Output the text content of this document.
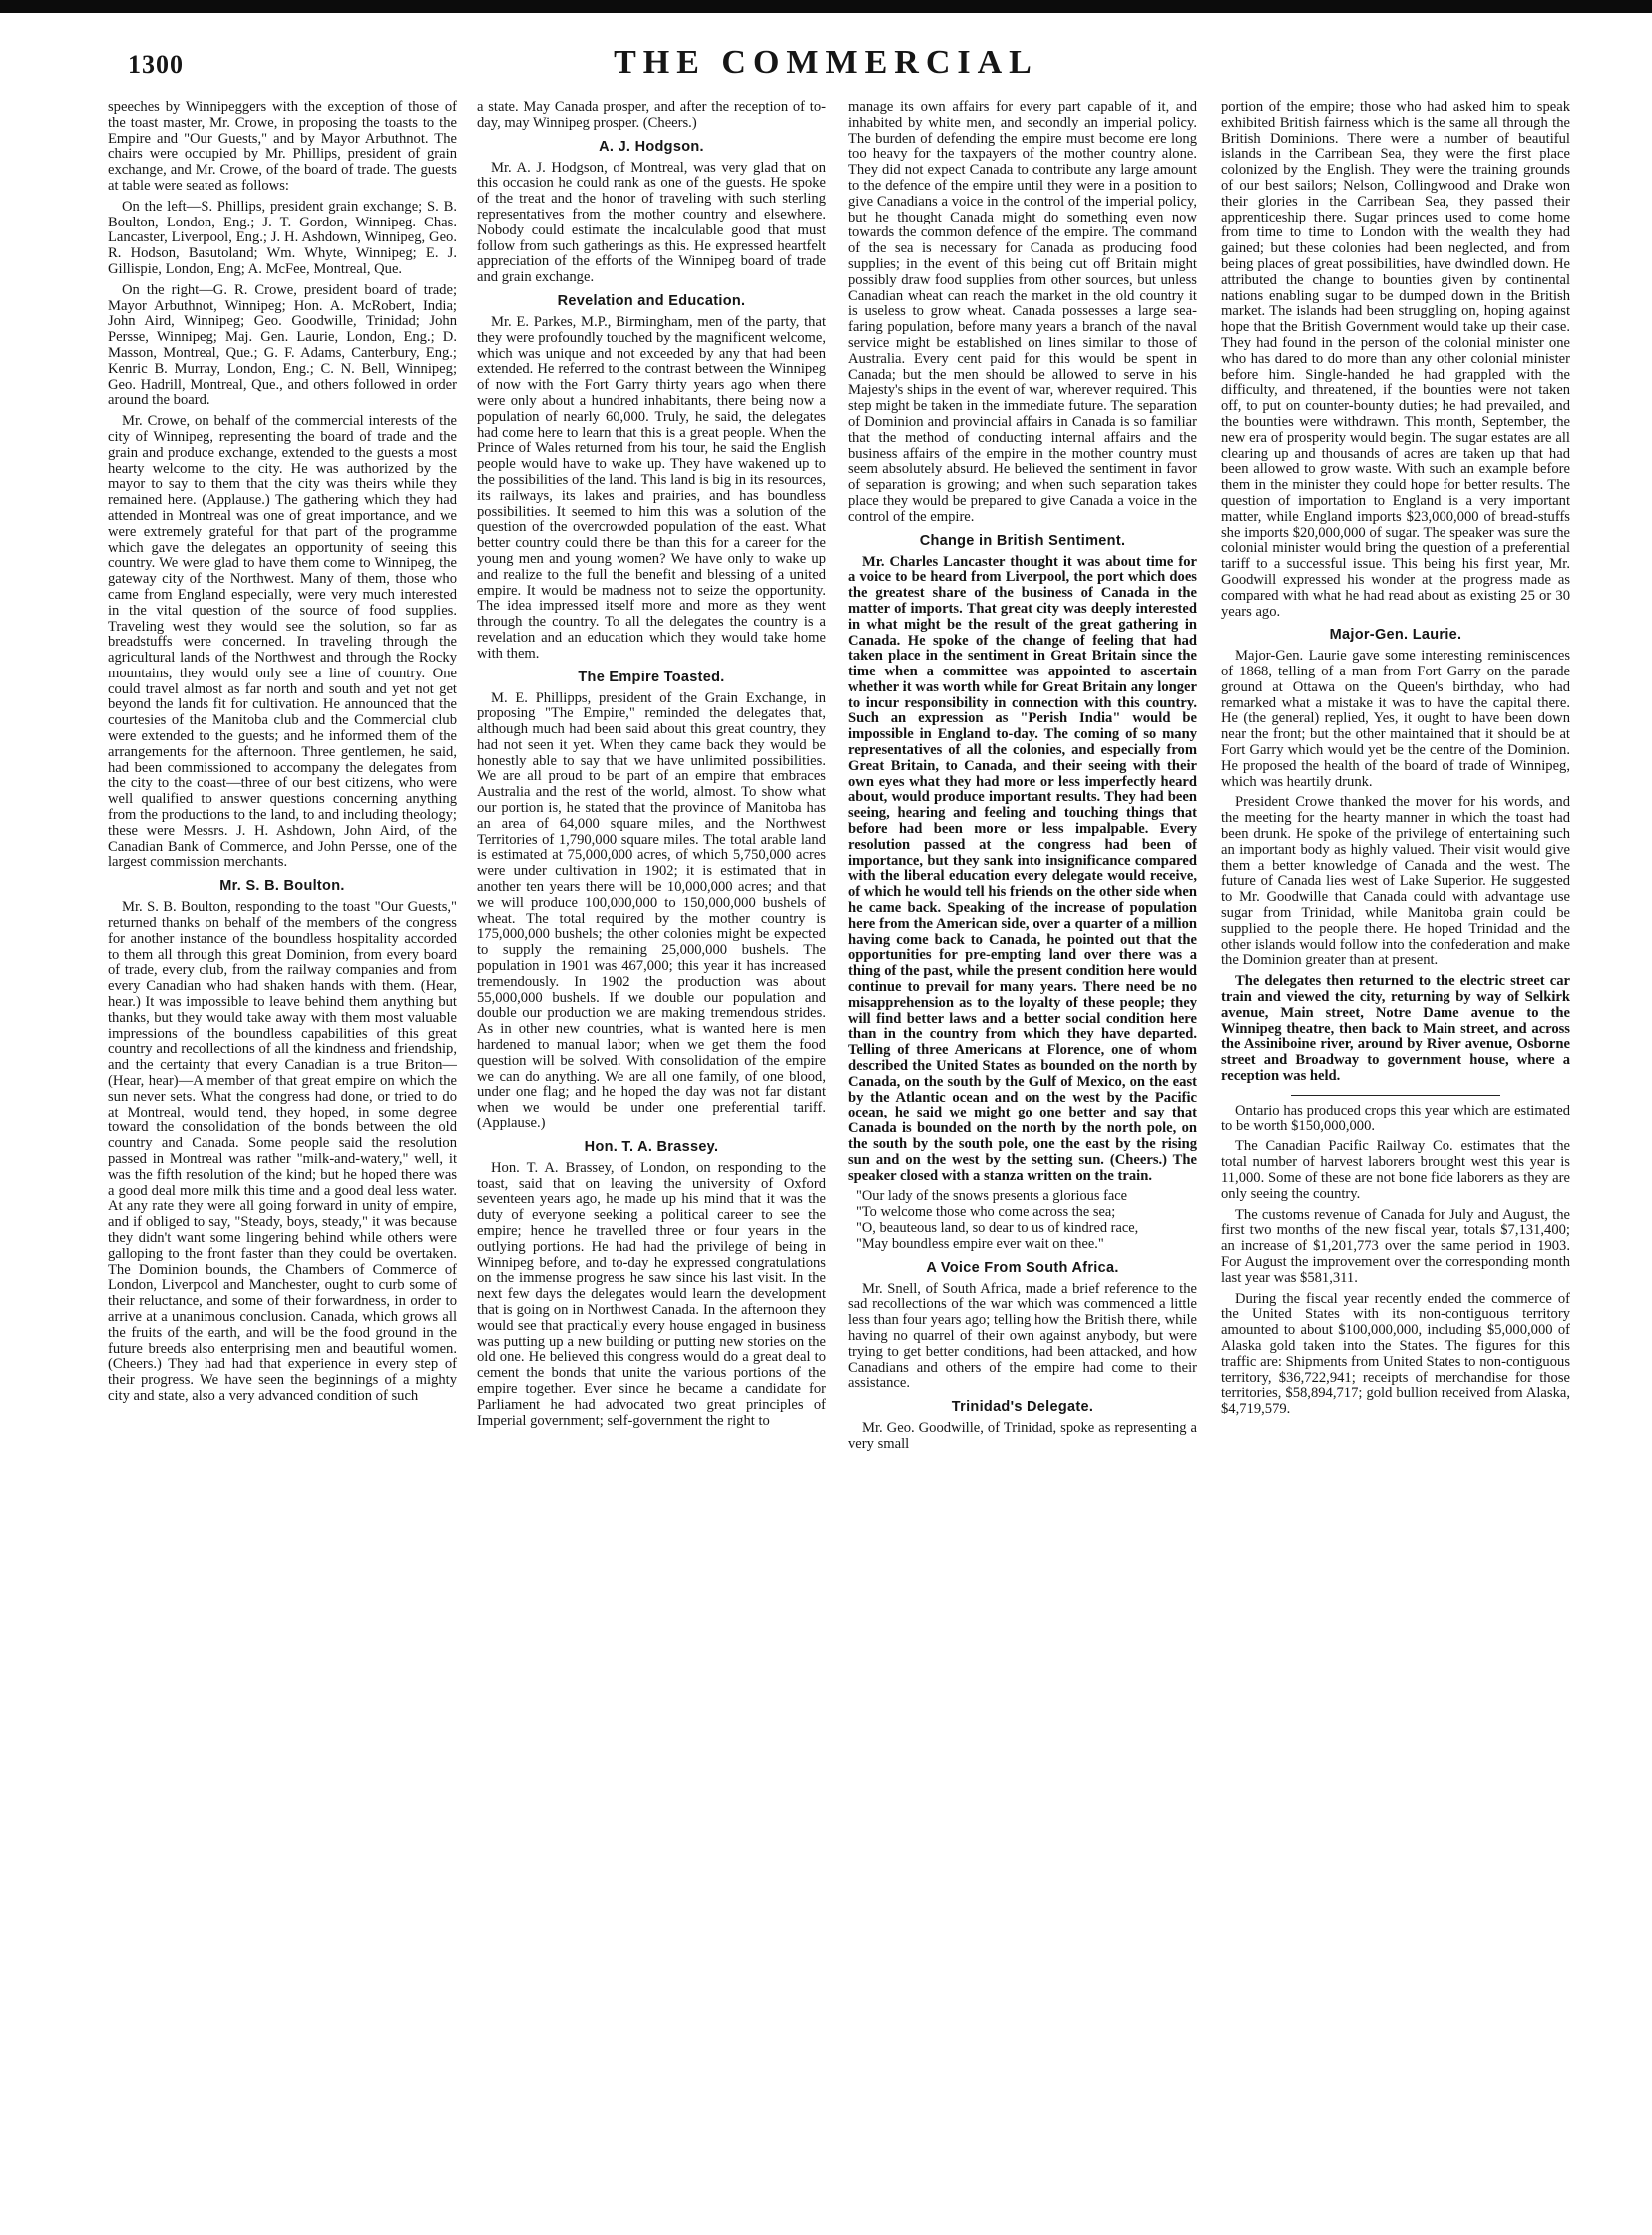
THE COMMERCIAL
1300

speeches by Winnipeggers with the exception of those of the toast master, Mr. Crowe, in proposing the toasts to the Empire and "Our Guests," and by Mayor Arbuthnot. The chairs were occupied by Mr. Phillips, president of grain exchange, and Mr. Crowe, of the board of trade. The guests at table were seated as follows:

On the left—S. Phillips, president grain exchange; S. B. Boulton, London, Eng.; J. T. Gordon, Winnipeg. Chas. Lancaster, Liverpool, Eng.; J. H. Ashdown, Winnipeg, Geo. R. Hodson, Basutoland; Wm. Whyte, Winnipeg; E. J. Gillispie, London, Eng; A. McFee, Montreal, Que.

On the right—G. R. Crowe, president board of trade; Mayor Arbuthnot, Winnipeg; Hon. A. McRobert, India; John Aird, Winnipeg; Geo. Goodwille, Trinidad; John Persse, Winnipeg; Maj. Gen. Laurie, London, Eng.; D. Masson, Montreal, Que.; G. F. Adams, Canterbury, Eng.; Kenric B. Murray, London, Eng.; C. N. Bell, Winnipeg; Geo. Hadrill, Montreal, Que., and others followed in order around the board.

Mr. Crowe, on behalf of the commercial interests of the city of Winnipeg, representing the board of trade and the grain and produce exchange, extended to the guests a most hearty welcome to the city. He was authorized by the mayor to say to them that the city was theirs while they remained here. (Applause.) The gathering which they had attended in Montreal was one of great importance, and we were extremely grateful for that part of the programme which gave the delegates an opportunity of seeing this country. We were glad to have them come to Winnipeg, the gateway city of the Northwest. Many of them, those who came from England especially, were very much interested in the vital question of the source of food supplies. Traveling west they would see the solution, so far as breadstuffs were concerned. In traveling through the agricultural lands of the Northwest and through the Rocky mountains, they would only see a line of country. One could travel almost as far north and south and yet not get beyond the lands fit for cultivation. He announced that the courtesies of the Manitoba club and the Commercial club were extended to the guests; and he informed them of the arrangements for the afternoon. Three gentlemen, he said, had been commissioned to accompany the delegates from the city to the coast—three of our best citizens, who were well qualified to answer questions concerning anything from the productions to the land, to and including theology; these were Messrs. J. H. Ashdown, John Aird, of the Canadian Bank of Commerce, and John Persse, one of the largest commission merchants.

Mr. S. B. Boulton.

Mr. S. B. Boulton, responding to the toast "Our Guests," returned thanks on behalf of the members of the congress for another instance of the boundless hospitality accorded to them all through this great Dominion, from every board of trade, every club, from the railway companies and from every Canadian who had shaken hands with them. (Hear, hear.) It was impossible to leave behind them anything but thanks, but they would take away with them most valuable impressions of the boundless capabilities of this great country and recollections of all the kindness and friendship, and the certainty that every Canadian is a true Briton—(Hear, hear)—A member of that great empire on which the sun never sets. What the congress had done, or tried to do at Montreal, would tend, they hoped, in some degree toward the consolidation of the bonds between the old country and Canada. Some people said the resolution passed in Montreal was rather "milk-and-watery," well, it was the fifth resolution of the kind; but he hoped there was a good deal more milk this time and a good deal less water. At any rate they were all going forward in unity of empire, and if obliged to say, "Steady, boys, steady," it was because they didn't want some lingering behind while others were galloping to the front faster than they could be overtaken. The Dominion bounds, the Chambers of Commerce of London, Liverpool and Manchester, ought to curb some of their reluctance, and some of their forwardness, in order to arrive at a unanimous conclusion. Canada, which grows all the fruits of the earth, and will be the food ground in the future breeds also enterprising men and beautiful women. (Cheers.) They had had that experience in every step of their progress. We have seen the beginnings of a mighty city and state, also a very advanced condition of such

a state. May Canada prosper, and after the reception of to-day, may Winnipeg prosper. (Cheers.)

A. J. Hodgson.

Mr. A. J. Hodgson, of Montreal, was very glad that on this occasion he could rank as one of the guests. He spoke of the treat and the honor of traveling with such sterling representatives from the mother country and elsewhere. Nobody could estimate the incalculable good that must follow from such gatherings as this. He expressed heartfelt appreciation of the efforts of the Winnipeg board of trade and grain exchange.

Revelation and Education.

Mr. E. Parkes, M.P., Birmingham, men of the party, that they were profoundly touched by the magnificent welcome, which was unique and not exceeded by any that had been extended. He referred to the contrast between the Winnipeg of now with the Fort Garry thirty years ago when there were only about a hundred inhabitants, there being now a population of nearly 60,000. Truly, he said, the delegates had come here to learn that this is a great people. When the Prince of Wales returned from his tour, he said the English people would have to wake up. They have wakened up to the possibilities of the land. This land is big in its resources, its railways, its lakes and prairies, and has boundless possibilities. It seemed to him this was a solution of the question of the overcrowded population of the east. What better country could there be than this for a career for the young men and young women? We have only to wake up and realize to the full the benefit and blessing of a united empire. It would be madness not to seize the opportunity. The idea impressed itself more and more as they went through the country. To all the delegates the country is a revelation and an education which they would take home with them.

The Empire Toasted.

M. E. Phillipps, president of the Grain Exchange, in proposing "The Empire," reminded the delegates that, although much had been said about this great country, they had not seen it yet. When they came back they would be honestly able to say that we have unlimited possibilities. We are all proud to be part of an empire that embraces Australia and the rest of the world, almost. To show what our portion is, he stated that the province of Manitoba has an area of 64,000 square miles, and the Northwest Territories of 1,790,000 square miles. The total arable land is estimated at 75,000,000 acres, of which 5,750,000 acres were under cultivation in 1902; it is estimated that in another ten years there will be 10,000,000 acres; and that we will produce 100,000,000 to 150,000,000 bushels of wheat. The total required by the mother country is 175,000,000 bushels; the other colonies might be expected to supply the remaining 25,000,000 bushels. The population in 1901 was 467,000; this year it has increased tremendously. In 1902 the production was about 55,000,000 bushels. If we double our population and double our production we are making tremendous strides. As in other new countries, what is wanted here is men hardened to manual labor; when we get them the food question will be solved. With consolidation of the empire we can do anything. We are all one family, of one blood, under one flag; and he hoped the day was not far distant when we would be under one preferential tariff. (Applause.)

Hon. T. A. Brassey.

Hon. T. A. Brassey, of London, on responding to the toast, said that on leaving the university of Oxford seventeen years ago, he made up his mind that it was the duty of everyone seeking a political career to see the empire; hence he travelled three or four years in the outlying portions. He had had the privilege of being in Winnipeg before, and to-day he expressed congratulations on the immense progress he saw since his last visit. In the next few days the delegates would learn the development that is going on in Northwest Canada. In the afternoon they would see that practically every house engaged in business was putting up a new building or putting new stories on the old one. He believed this congress would do a great deal to cement the bonds that unite the various portions of the empire together. Ever since he became a candidate for Parliament he had advocated two great principles of Imperial government; self-government the right to

manage its own affairs for every part capable of it, and inhabited by white men, and secondly an imperial policy. The burden of defending the empire must become ere long too heavy for the taxpayers of the mother country alone. They did not expect Canada to contribute any large amount to the defence of the empire until they were in a position to give Canadians a voice in the control of the imperial policy, but he thought Canada might do something even now towards the common defence of the empire. The command of the sea is necessary for Canada as producing food supplies; in the event of this being cut off Britain might possibly draw food supplies from other sources, but unless Canadian wheat can reach the market in the old country it is useless to grow wheat. Canada possesses a large sea-faring population, before many years a branch of the naval service might be established on lines similar to those of Australia. Every cent paid for this would be spent in Canada; but the men should be allowed to serve in his Majesty's ships in the event of war, wherever required. This step might be taken in the immediate future. The separation of Dominion and provincial affairs in Canada is so familiar that the method of conducting internal affairs and the business affairs of the empire in the mother country must seem absolutely absurd. He believed the sentiment in favor of separation is growing; and when such separation takes place they would be prepared to give Canada a voice in the control of the empire.

Change in British Sentiment.

Mr. Charles Lancaster thought it was about time for a voice to be heard from Liverpool, the port which does the greatest share of the business of Canada in the matter of imports. That great city was deeply interested in what might be the result of the great gathering in Canada. He spoke of the change of feeling that had taken place in the sentiment in Great Britain since the time when a committee was appointed to ascertain whether it was worth while for Great Britain any longer to incur responsibility in connection with this country. Such an expression as "Perish India" would be impossible in England to-day. The coming of so many representatives of all the colonies, and especially from Great Britain, to Canada, and their seeing with their own eyes what they had more or less imperfectly heard about, would produce important results. They had been seeing, hearing and feeling and touching things that before had been more or less impalpable. Every resolution passed at the congress had been of importance, but they sank into insignificance compared with the liberal education every delegate would receive, of which he would tell his friends on the other side when he came back. Speaking of the increase of population here from the American side, over a quarter of a million having come back to Canada, he pointed out that the opportunities for pre-empting land over there was a thing of the past, while the present condition here would continue to prevail for many years. There need be no misapprehension as to the loyalty of these people; they will find better laws and a better social condition here than in the country from which they have departed. Telling of three Americans at Florence, one of whom described the United States as bounded on the north by Canada, on the south by the Gulf of Mexico, on the east by the Atlantic ocean and on the west by the Pacific ocean, he said we might go one better and say that Canada is bounded on the north by the north pole, on the south by the south pole, one the east by the rising sun and on the west by the setting sun. (Cheers.) The speaker closed with a stanza written on the train.

"Our lady of the snows presents a glorious face
"To welcome those who come across the sea;
"O, beauteous land, so dear to us of kindred race,
"May boundless empire ever wait on thee."
A Voice From South Africa.

Mr. Snell, of South Africa, made a brief reference to the sad recollections of the war which was commenced a little less than four years ago; telling how the British there, while having no quarrel of their own against anybody, but were trying to get better conditions, had been attacked, and how Canadians and others of the empire had come to their assistance.

Trinidad's Delegate.

Mr. Geo. Goodwille, of Trinidad, spoke as representing a very small

portion of the empire; those who had asked him to speak exhibited British fairness which is the same all through the British Dominions. There were a number of beautiful islands in the Carribean Sea, they were the first place colonized by the English. They were the training grounds of our best sailors; Nelson, Collingwood and Drake won their glories in the Carribean Sea, they passed their apprenticeship there. Sugar princes used to come home from time to time to London with the wealth they had gained; but these colonies had been neglected, and from being places of great possibilities, have dwindled down. He attributed the change to bounties given by continental nations enabling sugar to be dumped down in the British market. The islands had been struggling on, hoping against hope that the British Government would take up their case. They had found in the person of the colonial minister one who has dared to do more than any other colonial minister before him. Single-handed he had grappled with the difficulty, and threatened, if the bounties were not taken off, to put on counter-bounty duties; he had prevailed, and the bounties were withdrawn. This month, September, the new era of prosperity would begin. The sugar estates are all clearing up and thousands of acres are taken up that had been allowed to grow waste. With such an example before them in the minister they could hope for better results. The question of importation to England is a very important matter, while England imports $23,000,000 of bread-stuffs she imports $20,000,000 of sugar. The speaker was sure the colonial minister would bring the question of a preferential tariff to a successful issue. This being his first year, Mr. Goodwill expressed his wonder at the progress made as compared with what he had read about as existing 25 or 30 years ago.

Major-Gen. Laurie.

Major-Gen. Laurie gave some interesting reminiscences of 1868, telling of a man from Fort Garry on the parade ground at Ottawa on the Queen's birthday, who had remarked what a mistake it was to have the capital there. He (the general) replied, Yes, it ought to have been down near the front; but the other maintained that it should be at Fort Garry which would yet be the centre of the Dominion. He proposed the health of the board of trade of Winnipeg, which was heartily drunk.

President Crowe thanked the mover for his words, and the meeting for the hearty manner in which the toast had been drunk. He spoke of the privilege of entertaining such an important body as highly valued. Their visit would give them a better knowledge of Canada and the west. The future of Canada lies west of Lake Superior. He suggested to Mr. Goodwille that Canada could with advantage use sugar from Trinidad, while Manitoba grain could be supplied to the people there. He hoped Trinidad and the other islands would follow into the confederation and make the Dominion greater than at present.

The delegates then returned to the electric street car train and viewed the city, returning by way of Selkirk avenue, Main street, Notre Dame avenue to the Winnipeg theatre, then back to Main street, and across the Assiniboine river, around by River avenue, Osborne street and Broadway to government house, where a reception was held.

Ontario has produced crops this year which are estimated to be worth $150,000,000.

The Canadian Pacific Railway Co. estimates that the total number of harvest laborers brought west this year is 11,000. Some of these are not bone fide laborers as they are only seeing the country.

The customs revenue of Canada for July and August, the first two months of the new fiscal year, totals $7,131,400; an increase of $1,201,773 over the same period in 1903. For August the improvement over the corresponding month last year was $581,311.

During the fiscal year recently ended the commerce of the United States with its non-contiguous territory amounted to about $100,000,000, including $5,000,000 of Alaska gold taken into the States. The figures for this traffic are: Shipments from United States to non-contiguous territory, $36,722,941; receipts of merchandise for those territories, $58,894,717; gold bullion received from Alaska, $4,719,579.
